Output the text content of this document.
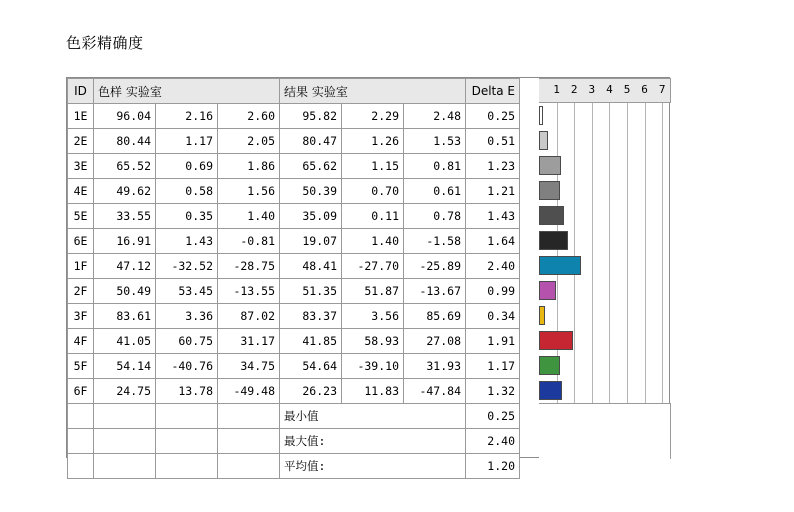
色彩精确度
ID	色样 实验室			结果 实验室			Delta E
1E	96.04	2.16	2.60	95.82	2.29	2.48	0.25
2E	80.44	1.17	2.05	80.47	1.26	1.53	0.51
3E	65.52	0.69	1.86	65.62	1.15	0.81	1.23
4E	49.62	0.58	1.56	50.39	0.70	0.61	1.21
5E	33.55	0.35	1.40	35.09	0.11	0.78	1.43
6E	16.91	1.43	-0.81	19.07	1.40	-1.58	1.64
1F	47.12	-32.52	-28.75	48.41	-27.70	-25.89	2.40
2F	50.49	53.45	-13.55	51.35	51.87	-13.67	0.99
3F	83.61	3.36	87.02	83.37	3.56	85.69	0.34
4F	41.05	60.75	31.17	41.85	58.93	27.08	1.91
5F	54.14	-40.76	34.75	54.64	-39.10	31.93	1.17
6F	24.75	13.78	-49.48	26.23	11.83	-47.84	1.32
				最小值	0.25
				最大值:	2.40
				平均值:	1.20
1 2 3 4 5 6 7
